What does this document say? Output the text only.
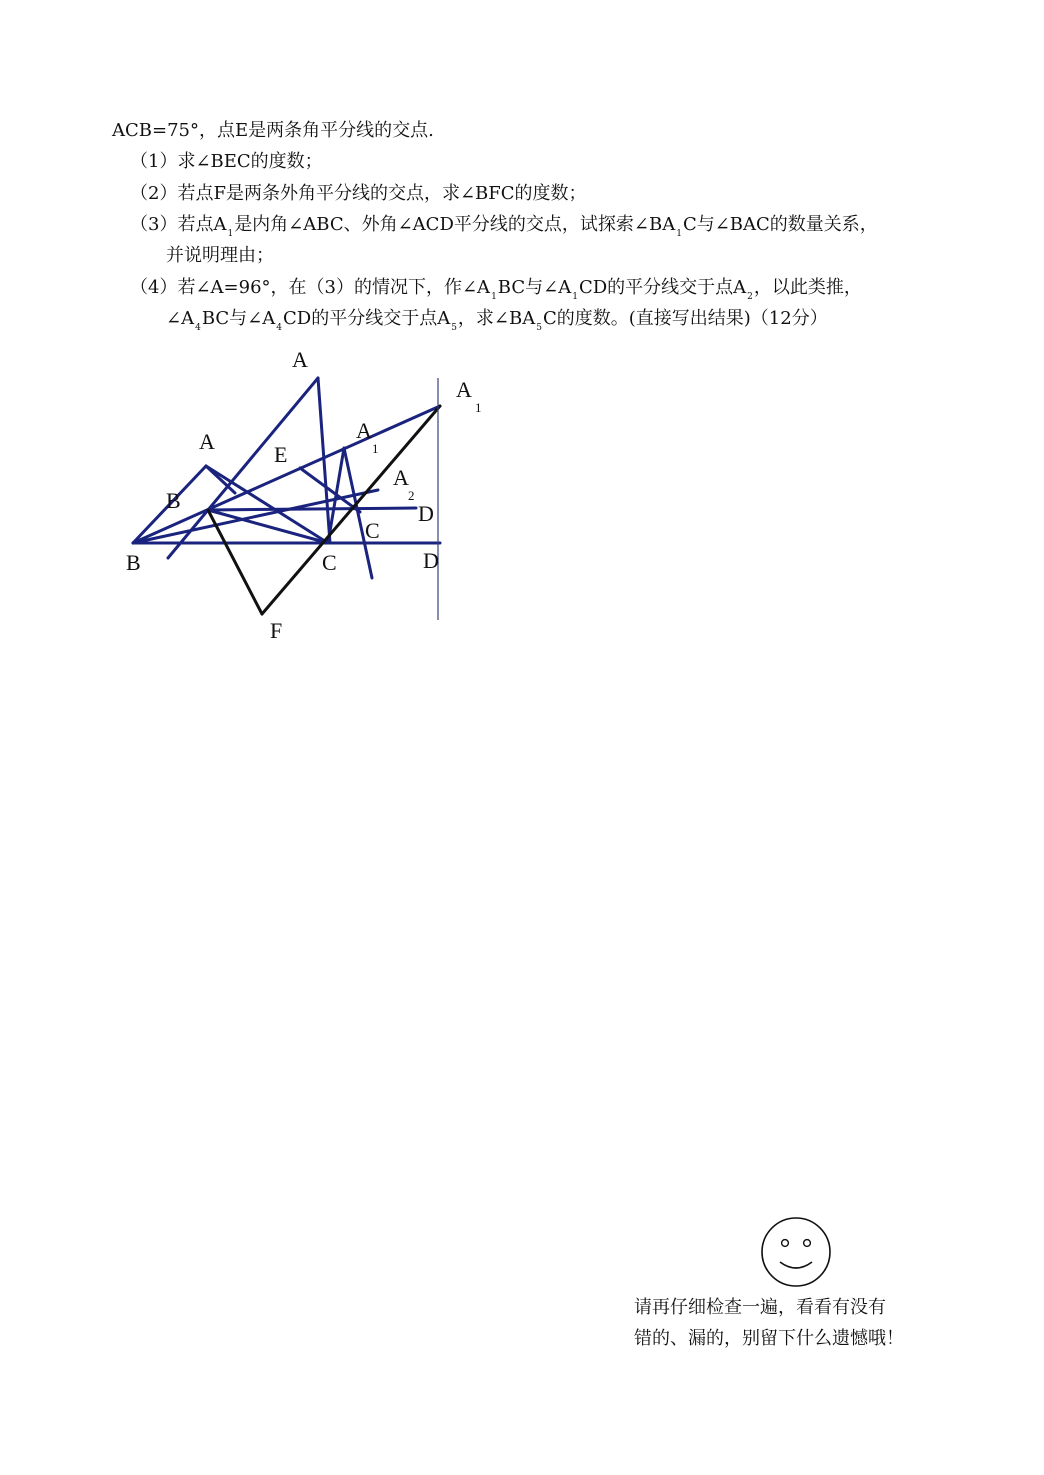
ACB=75°，点E是两条角平分线的交点.
（1）求∠BEC的度数；
（2）若点F是两条外角平分线的交点，求∠BFC的度数；
（3）若点$A_1$是内角∠ABC、外角∠ACD平分线的交点，试探索$\angle BA_1C$与∠BAC的数量关系，
并说明理由；
（4）若∠A=96°，在（3）的情况下，作$\angle A_1BC$与$\angle A_1CD$的平分线交于点$A_2$，以此类推，
$\angle A_4BC$与$\angle A_4CD$的平分线交于点$A_5$，求$\angle BA_5C$的度数。(直接写出结果)（12分）
A
A
1
A
E
A
1
A
2
B
D
C
B	C	D
F
请再仔细检查一遍，看看有没有
错的、漏的，别留下什么遗憾哦！
